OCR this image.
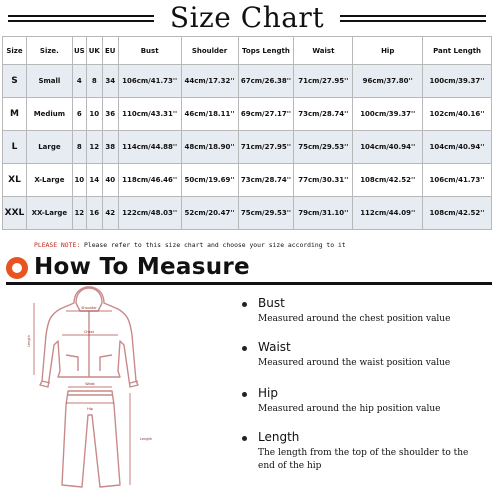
Size Chart
Size	Size.	US	UK	EU	Bust	Shoulder	Tops Length	Waist	Hip	Pant Length
S	Small	4	8	34	106cm/41.73''	44cm/17.32''	67cm/26.38''	71cm/27.95''	96cm/37.80''	100cm/39.37''
M	Medium	6	10	36	110cm/43.31''	46cm/18.11''	69cm/27.17''	73cm/28.74''	100cm/39.37''	102cm/40.16''
L	Large	8	12	38	114cm/44.88''	48cm/18.90''	71cm/27.95''	75cm/29.53''	104cm/40.94''	104cm/40.94''
XL	X-Large	10	14	40	118cm/46.46''	50cm/19.69''	73cm/28.74''	77cm/30.31''	108cm/42.52''	106cm/41.73''
XXL	XX-Large	12	16	42	122cm/48.03''	52cm/20.47''	75cm/29.53''	79cm/31.10''	112cm/44.09''	108cm/42.52''
PLEASE NOTE: Please refer to this size chart and choose your size according to it
How To Measure
Shoulder
Chest
Length
Waist
Hip
Length
Bust
Measured around the chest position value
Waist
Measured around the waist position value
Hip
Measured around the hip position value
Length
The length from the top of the shoulder to the end of the hip
